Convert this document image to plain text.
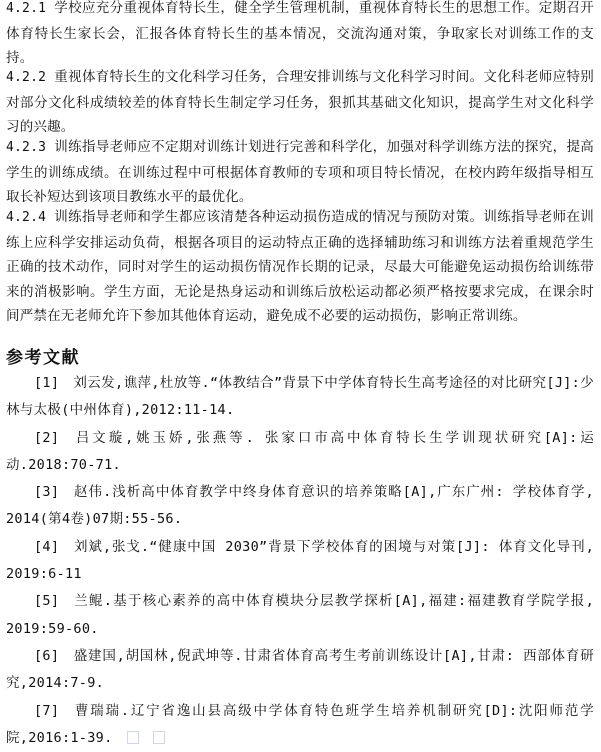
4.2.1 学校应充分重视体育特长生，健全学生管理机制，重视体育特长生的思想工作。定期召开体育特长生家长会，汇报各体育特长生的基本情况，交流沟通对策，争取家长对训练工作的支持。

4.2.2 重视体育特长生的文化科学习任务，合理安排训练与文化科学习时间。文化科老师应特别对部分文化科成绩较差的体育特长生制定学习任务，狠抓其基础文化知识，提高学生对文化科学习的兴趣。

4.2.3 训练指导老师应不定期对训练计划进行完善和科学化，加强对科学训练方法的探究，提高学生的训练成绩。在训练过程中可根据体育教师的专项和项目特长情况，在校内跨年级指导相互取长补短达到该项目教练水平的最优化。

4.2.4 训练指导老师和学生都应该清楚各种运动损伤造成的情况与预防对策。训练指导老师在训练上应科学安排运动负荷，根据各项目的运动特点正确的选择辅助练习和训练方法着重规范学生正确的技术动作，同时对学生的运动损伤情况作长期的记录，尽最大可能避免运动损伤给训练带来的消极影响。学生方面，无论是热身运动和训练后放松运动都必须严格按要求完成，在课余时间严禁在无老师允许下参加其他体育运动，避免成不必要的运动损伤，影响正常训练。

参考文献
[1] 刘云发,谯萍,杜放等.“体教结合”背景下中学体育特长生高考途径的对比研究[J]:少林与太极(中州体育),2012:11-14.
[2] 吕文璇,姚玉娇,张燕等. 张家口市高中体育特长生学训现状研究[A]:运动.2018:70-71.
[3] 赵伟.浅析高中体育教学中终身体育意识的培养策略[A],广东广州: 学校体育学, 2014(第4卷)07期:55-56.
[4] 刘斌,张戈.“健康中国 2030”背景下学校体育的困境与对策[J]: 体育文化导刊, 2019:6-11
[5] 兰鲲.基于核心素养的高中体育模块分层教学探析[A],福建:福建教育学院学报, 2019:59-60.
[6] 盛建国,胡国林,倪武坤等.甘肃省体育高考生考前训练设计[A],甘肃: 西部体育研究,2014:7-9.
[7] 曹瑞瑞.辽宁省逸山县高级中学体育特色班学生培养机制研究[D]:沈阳师范学院,2016:1-39.
